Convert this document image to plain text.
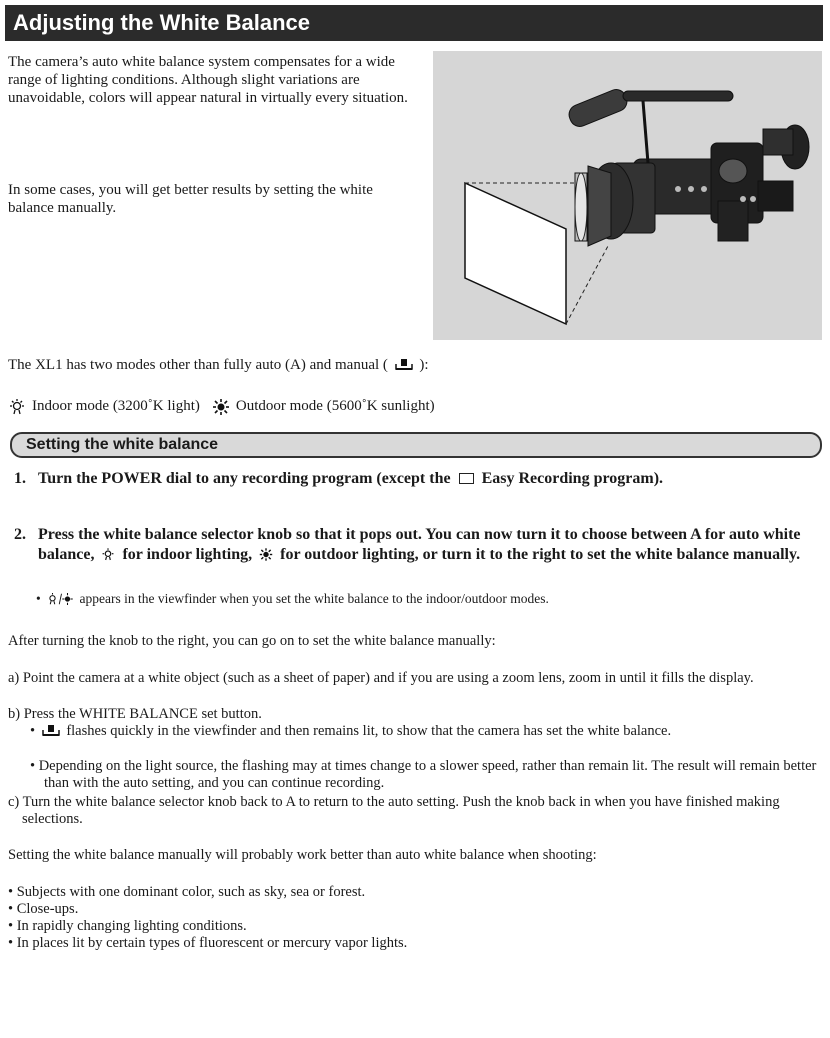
Adjusting the White Balance

The camera’s auto white balance system compensates for a wide range of lighting conditions. Although slight variations are unavoidable, colors will appear natural in virtually every situation.

In some cases, you will get better results by setting the white balance manually.

The XL1 has two modes other than fully auto (A) and manual ( ):
Indoor mode (3200˚K light) Outdoor mode (5600˚K sunlight)
Setting the white balance
1. Turn the POWER dial to any recording program (except the Easy Recording program).
2. Press the white balance selector knob so that it pops out. You can now turn it to choose between A for auto white balance, for indoor lighting, for outdoor lighting, or turn it to the right to set the white balance manually.
•	appears in the viewfinder when you set the white balance to the indoor/outdoor modes.
After turning the knob to the right, you can go on to set the white balance manually:
a) Point the camera at a white object (such as a sheet of paper) and if you are using a zoom lens, zoom in until it fills the display.
b) Press the WHITE BALANCE set button.
•  flashes quickly in the viewfinder and then remains lit, to show that the camera has set the white balance.
• Depending on the light source, the flashing may at times change to a slower speed, rather than remain lit. The result will remain better than with the auto setting, and you can continue recording.
c) Turn the white balance selector knob back to A to return to the auto setting. Push the knob back in when you have finished making selections.
Setting the white balance manually will probably work better than auto white balance when shooting:
• Subjects with one dominant color, such as sky, sea or forest.
• Close-ups.
• In rapidly changing lighting conditions.
• In places lit by certain types of fluorescent or mercury vapor lights.
